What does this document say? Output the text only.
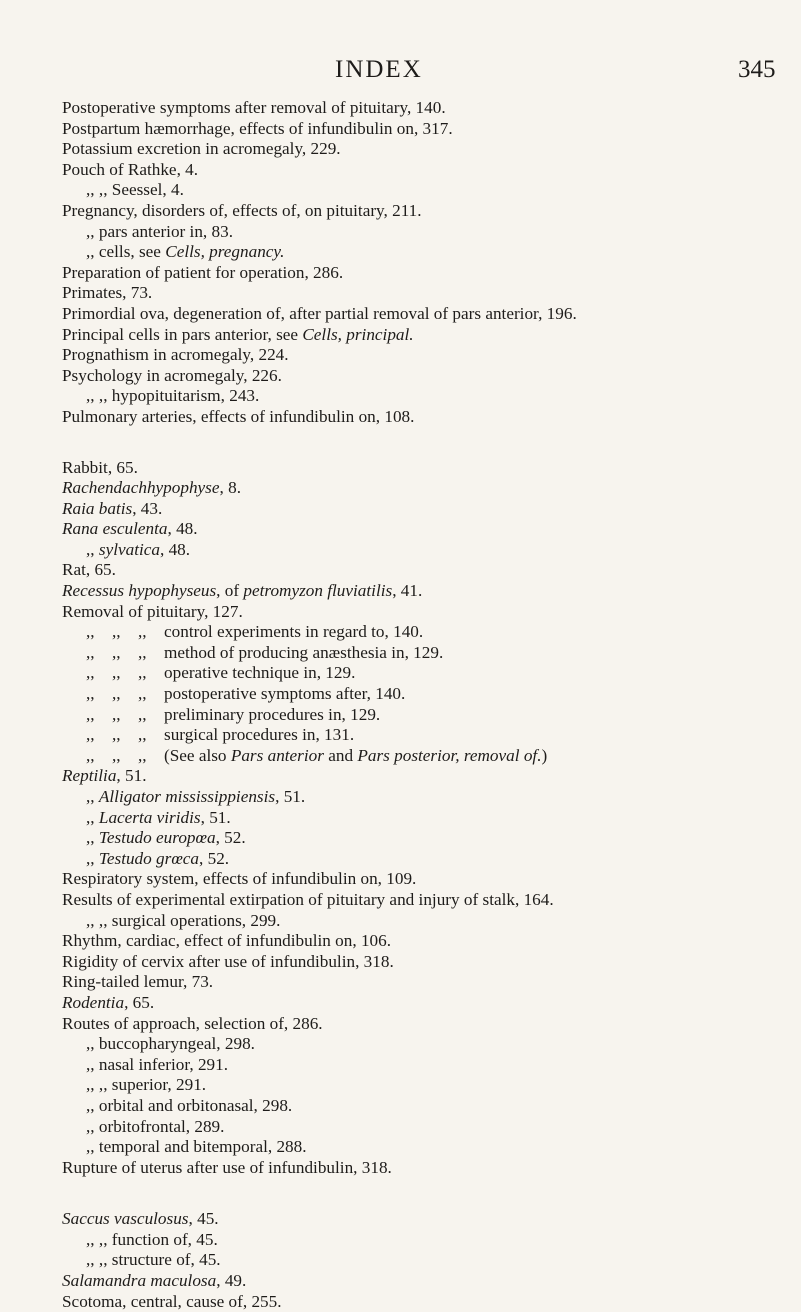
INDEX	345
Postoperative symptoms after removal of pituitary, 140.
Postpartum hæmorrhage, effects of infundibulin on, 317.
Potassium excretion in acromegaly, 229.
Pouch of Rathke, 4.
,, ,, Seessel, 4.
Pregnancy, disorders of, effects of, on pituitary, 211.
,, pars anterior in, 83.
,, cells, see Cells, pregnancy.
Preparation of patient for operation, 286.
Primates, 73.
Primordial ova, degeneration of, after partial removal of pars anterior, 196.
Principal cells in pars anterior, see Cells, principal.
Prognathism in acromegaly, 224.
Psychology in acromegaly, 226.
,, ,, hypopituitarism, 243.
Pulmonary arteries, effects of infundibulin on, 108.
Rabbit, 65.
Rachendachhypophyse, 8.
Raia batis, 43.
Rana esculenta, 48.
,, sylvatica, 48.
Rat, 65.
Recessus hypophyseus, of petromyzon fluviatilis, 41.
Removal of pituitary, 127.
,, ,, ,, control experiments in regard to, 140.
,, ,, ,, method of producing anæsthesia in, 129.
,, ,, ,, operative technique in, 129.
,, ,, ,, postoperative symptoms after, 140.
,, ,, ,, preliminary procedures in, 129.
,, ,, ,, surgical procedures in, 131.
,, ,, ,, (See also Pars anterior and Pars posterior, removal of.)
Reptilia, 51.
,, Alligator mississippiensis, 51.
,, Lacerta viridis, 51.
,, Testudo europœa, 52.
,, Testudo grœca, 52.
Respiratory system, effects of infundibulin on, 109.
Results of experimental extirpation of pituitary and injury of stalk, 164.
,, ,, surgical operations, 299.
Rhythm, cardiac, effect of infundibulin on, 106.
Rigidity of cervix after use of infundibulin, 318.
Ring-tailed lemur, 73.
Rodentia, 65.
Routes of approach, selection of, 286.
,, buccopharyngeal, 298.
,, nasal inferior, 291.
,, ,, superior, 291.
,, orbital and orbitonasal, 298.
,, orbitofrontal, 289.
,, temporal and bitemporal, 288.
Rupture of uterus after use of infundibulin, 318.
Saccus vasculosus, 45.
,, ,, function of, 45.
,, ,, structure of, 45.
Salamandra maculosa, 49.
Scotoma, central, cause of, 255.
